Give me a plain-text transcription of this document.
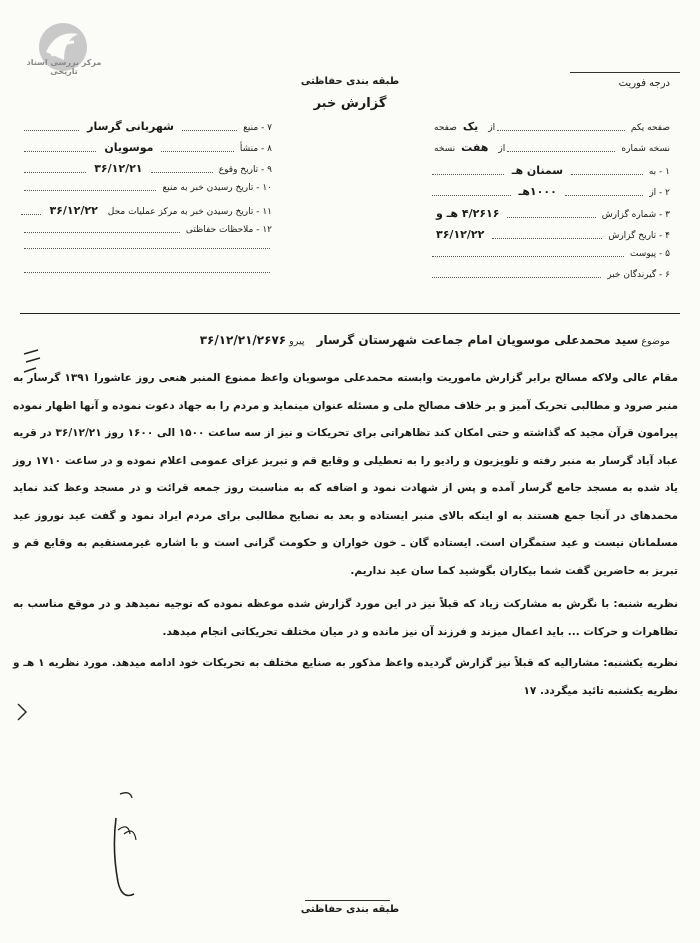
مرکز بررسی اسناد تاریخی
طبقه بندی حفاظتی
گزارش خبر
درجه فوریت
۷ - منبع
شهربانی گرسار
۸ - منشأ
موسویان
۹ - تاریخ وقوع
۳۶/۱۲/۲۱
۱۰ - تاریخ رسیدن خبر به منبع
۱۱ - تاریخ رسیدن خبر به مرکز عملیات محل
۳۶/۱۲/۲۲
۱۲ - ملاحظات حفاظتی
صفحه یکم
از
یک
صفحه
نسخه شماره
از
هفت
نسخه
۱ - به
سمنان هـ
۲ - از
۱۰۰۰هـ
۳ - شماره گزارش
۴/۲۶۱۶ هـ و
۴ - تاریخ گزارش
۳۶/۱۲/۲۲
۵ - پیوست
۶ - گیرندگان خبر
موضوع سید محمدعلی موسویان امام جماعت شهرستان گرسار    پیرو ۳۶/۱۲/۲۱/۲۶۷۶

مقام عالی ولاکه مسالح برابر گزارش ماموریت وابسته محمدعلی موسویان واعظ ممنوع المنبر هنعی روز عاشورا ۱۳۹۱ گرسار به منبر صرود و مطالبی تحریک آمیز و بر خلاف مصالح ملی و مسئله عنوان مینماید و مردم را به جهاد دعوت نموده و آنها اظهار نموده پیرامون قرآن مجید که گذاشته و حتی امکان کند تظاهراتی برای تحریکات و نیز از سه ساعت ۱۵۰۰ الی ۱۶۰۰ روز ۳۶/۱۲/۲۱ در قریه عباد آباد گرسار به منبر رفته و تلویزیون و رادیو را به تعطیلی و وقایع قم و تبریز عزای عمومی اعلام نموده و در ساعت ۱۷۱۰ روز یاد شده به مسجد جامع گرسار آمده و پس از شهادت نمود و اضافه که به مناسبت روز جمعه قرائت و در مسجد وعظ کند نماید محمدهای در آنجا جمع هستند به او اینکه بالای منبر ایستاده و بعد به نصایح مطالبی برای مردم ایراد نمود و گفت عید نوروز عید مسلمانان نیست و عید ستمگران است. ایستاده گان ـ خون خواران و حکومت گرانی است و با اشاره غیرمستقیم به وقایع قم و تبریز به حاضرین گفت شما بیکاران بگوشید کما سان عید نداریم.

نظریه شنبه: با نگرش به مشارکت زیاد که قبلاً نیز در این مورد گزارش شده موعظه نموده که توجیه نمیدهد و در موقع مناسب به تظاهرات و حرکات ... باید اعمال میزند و فرزند آن نیز مانده و در میان مختلف تحریکاتی انجام میدهد.

نظریه یکشنبه: مشارالیه که قبلاً نیز گزارش گردیده واعظ مذکور به صنایع مختلف به تحریکات خود ادامه میدهد. مورد نظریه ۱ هـ و نظریه یکشنبه تائید میگردد. ۱۷

طبقه بندی حفاظتی
